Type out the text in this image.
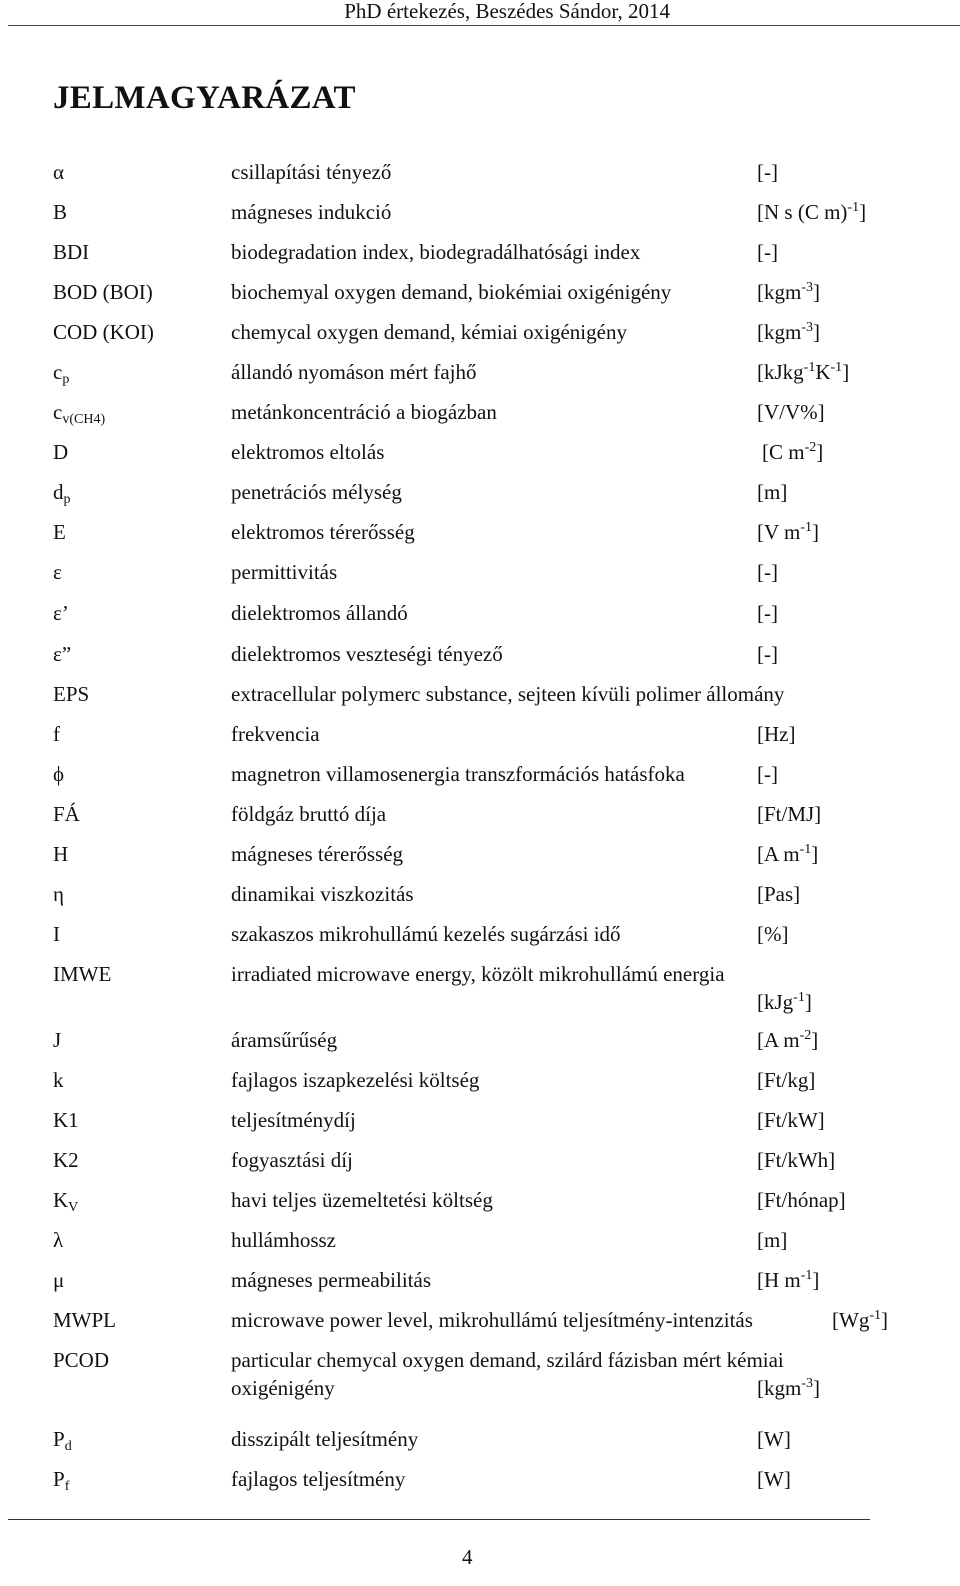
PhD értekezés, Beszédes Sándor, 2014
JELMAGYARÁZAT
α	csillapítási tényező	[-]
B	mágneses indukció	[N s (C m)$^{-1}$]
BDI	biodegradation index, biodegradálhatósági index	[-]
BOD (BOI)	biochemyal oxygen demand, biokémiai oxigénigény	[kgm$^{-3}$]
COD (KOI)	chemycal oxygen demand, kémiai oxigénigény	[kgm$^{-3}$]
$c_p$	állandó nyomáson mért fajhő	$[kJkg^{-1}K^{-1}]$
$c_{v(CH4)}$	metánkoncentráció a biogázban	[V/V%]
D	elektromos eltolás	[C $m^{-2}$]
$d_p$	penetrációs mélység	[m]
E	elektromos térerősség	[V $m^{-1}$]
ε	permittivitás	[-]
ε’	dielektromos állandó	[-]
ε”	dielektromos veszteségi tényező	[-]
EPS	extracellular polymerc substance, sejteen kívüli polimer állomány
f	frekvencia	[Hz]
ϕ	magnetron villamosenergia transzformációs hatásfoka	[-]
FÁ	földgáz bruttó díja	[Ft/MJ]
H	mágneses térerősség	[A $m^{-1}$]
η	dinamikai viszkozitás	[Pas]
I	szakaszos mikrohullámú kezelés sugárzási idő	[%]
IMWE	irradiated microwave energy, közölt mikrohullámú energia
[kJg$^{-1}$]
J	áramsűrűség	[A $m^{-2}$]
k	fajlagos iszapkezelési költség	[Ft/kg]
K1	teljesítménydíj	[Ft/kW]
K2	fogyasztási díj	[Ft/kWh]
$K_V$	havi teljes üzemeltetési költség	[Ft/hónap]
λ	hullámhossz	[m]
μ	mágneses permeabilitás	[H $m^{-1}$]
MWPL	microwave power level, mikrohullámú teljesítmény-intenzitás	$[Wg^{-1}]$
PCOD	particular chemycal oxygen demand, szilárd fázisban mért kémiai
oxigénigény	[kgm$^{-3}$]
$P_d$	disszipált teljesítmény	[W]
$P_f$	fajlagos teljesítmény	[W]
4
